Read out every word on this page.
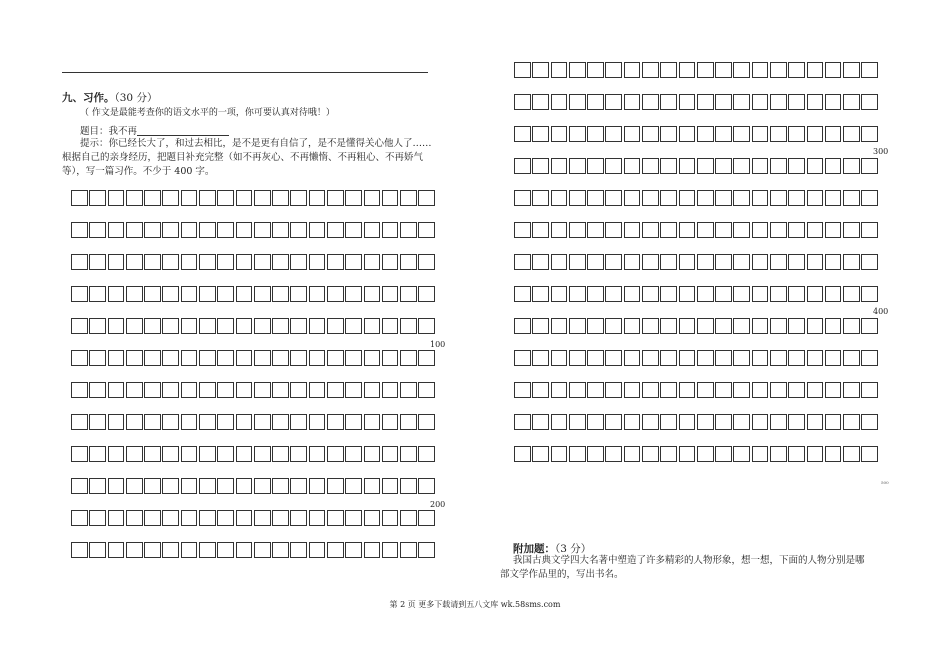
九、习作。（30 分）
（ 作文是最能考查你的语文水平的一项，你可要认真对待哦！）
题目：我不再
提示：你已经长大了，和过去相比，是不是更有自信了，是不是懂得关心他人了……根据自己的亲身经历，把题目补充完整（如不再灰心、不再懒惰、不再粗心、不再娇气等），写一篇习作。不少于 400 字。
100
200
300
400
500
附加题：（3 分）
我国古典文学四大名著中塑造了许多精彩的人物形象，想一想，下面的人物分别是哪部文学作品里的，写出书名。
第 2 页 更多下载请到五八文库 wk.58sms.com
